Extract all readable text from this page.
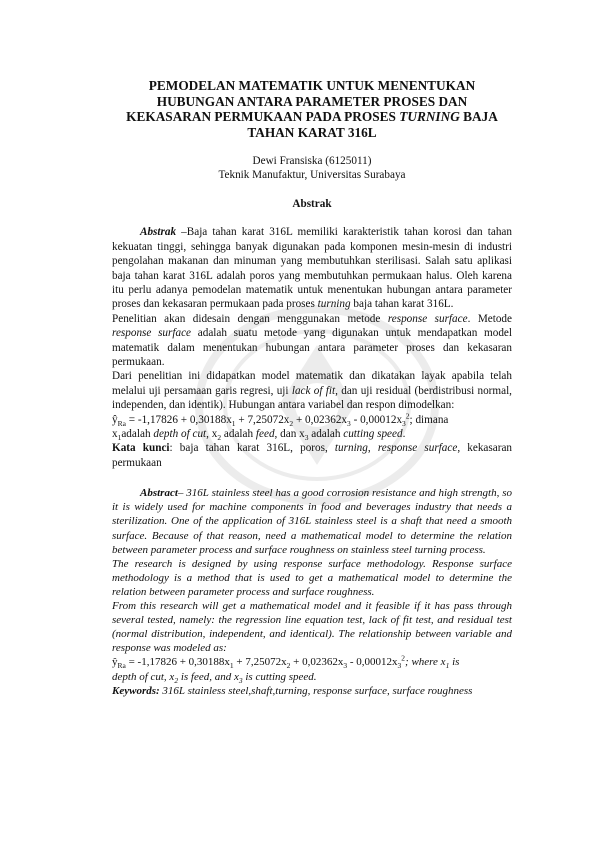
PEMODELAN MATEMATIK UNTUK MENENTUKAN
HUBUNGAN ANTARA PARAMETER PROSES DAN
KEKASARAN PERMUKAAN PADA PROSES TURNING BAJA
TAHAN KARAT 316L
Dewi Fransiska (6125011)
Teknik Manufaktur, Universitas Surabaya
Abstrak

Abstrak –Baja tahan karat 316L memiliki karakteristik tahan korosi dan tahan kekuatan tinggi, sehingga banyak digunakan pada komponen mesin-mesin di industri pengolahan makanan dan minuman yang membutuhkan sterilisasi. Salah satu aplikasi baja tahan karat 316L adalah poros yang membutuhkan permukaan halus. Oleh karena itu perlu adanya pemodelan matematik untuk menentukan hubungan antara parameter proses dan kekasaran permukaan pada proses turning baja tahan karat 316L.

Penelitian akan didesain dengan menggunakan metode response surface. Metode response surface adalah suatu metode yang digunakan untuk mendapatkan model matematik dalam menentukan hubungan antara parameter proses dan kekasaran permukaan.

Dari penelitian ini didapatkan model matematik dan dikatakan layak apabila telah melalui uji persamaan garis regresi, uji lack of fit, dan uji residual (berdistribusi normal, independen, dan identik). Hubungan antara variabel dan respon dimodelkan:

$ŷ_{Ra} = -1,17826 + 0,30188x_1 + 7,25072x_2 + 0,02362x_3 - 0,00012x_3^2$; dimana
$x_1adalah$ depth of cut, $x_2$ adalah feed, dan $x_3$ adalah cutting speed.

Kata kunci: baja tahan karat 316L, poros, turning, response surface, kekasaran permukaan

Abstract– 316L stainless steel has a good corrosion resistance and high strength, so it is widely used for machine components in food and beverages industry that needs a sterilization. One of the application of 316L stainless steel is a shaft that need a smooth surface. Because of that reason, need a mathematical model to determine the relation between parameter process and surface roughness on stainless steel turning process.

The research is designed by using response surface methodology. Response surface methodology is a method that is used to get a mathematical model to determine the relation between parameter process and surface roughness.

From this research will get a mathematical model and it feasible if it has pass through several tested, namely: the regression line equation test, lack of fit test, and residual test (normal distribution, independent, and identical). The relationship between variable and response was modeled as:

$ŷ_{Ra} = -1,17826 + 0,30188x_1 + 7,25072x_2 + 0,02362x_3 - 0,00012x_3^2$; where $x_1$ is
depth of cut, $x_2$ is feed, and $x_3$ is cutting speed.

Keywords: 316L stainless steel,shaft,turning, response surface, surface roughness
